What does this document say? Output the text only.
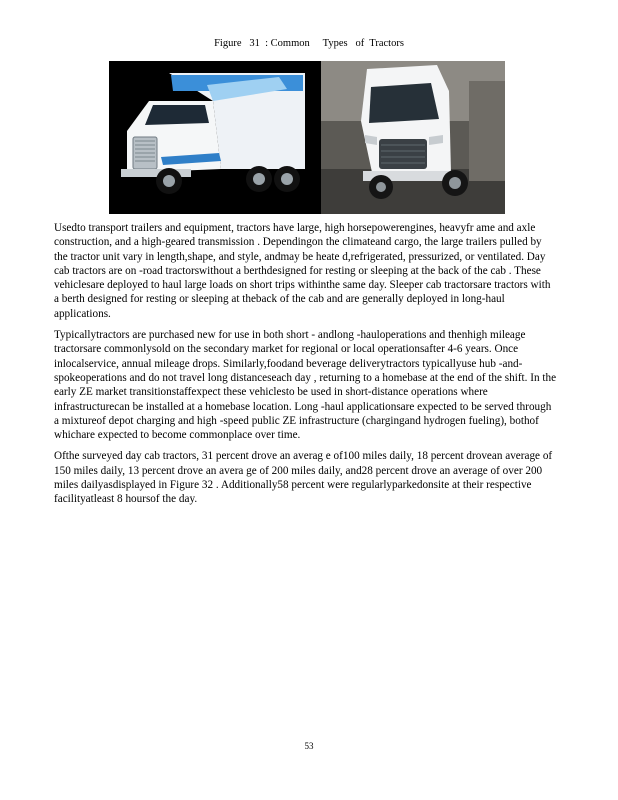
Figure   31  : Common     Types   of  Tractors

Usedto transport trailers and equipment, tractors have large, high horsepowerengines, heavyfr ame and axle construction, and a high-geared transmission . Dependingon the climateand cargo, the large trailers pulled by the tractor unit vary in length,shape, and style, andmay be heate d,refrigerated, pressurized, or ventilated. Day cab tractors are on -road tractorswithout a berthdesigned for resting or sleeping at the back of the cab . These vehiclesare deployed to haul large loads on short trips withinthe same day. Sleeper cab tractorsare tractors with a berth designed for resting or sleeping at theback of the cab and are generally deployed in long-haul applications.

Typicallytractors are purchased new for use in both short - andlong -hauloperations and thenhigh mileage tractorsare commonlysold on the secondary market for regional or local operationsafter 4-6 years. Once inlocalservice, annual mileage drops. Similarly,foodand beverage deliverytractors typicallyuse hub -and-spokeoperations and do not travel long distanceseach day , returning to a homebase at the end of the shift. In the early ZE market transitionstaffexpect these vehiclesto be used in short-distance operations where infrastructurecan be installed at a homebase location. Long -haul applicationsare expected to be served through a mixtureof depot charging and high -speed public ZE infrastructure (chargingand hydrogen fueling), bothof whichare expected to become commonplace over time.

Ofthe surveyed day cab tractors, 31 percent drove an averag e of100 miles daily, 18 percent drovean average of 150 miles daily, 13 percent drove an avera ge of 200 miles daily, and28 percent drove an average of over 200 miles dailyasdisplayed in Figure 32 . Additionally58 percent were regularlyparkedonsite at their respective facilityatleast 8 hoursof the day.

53
